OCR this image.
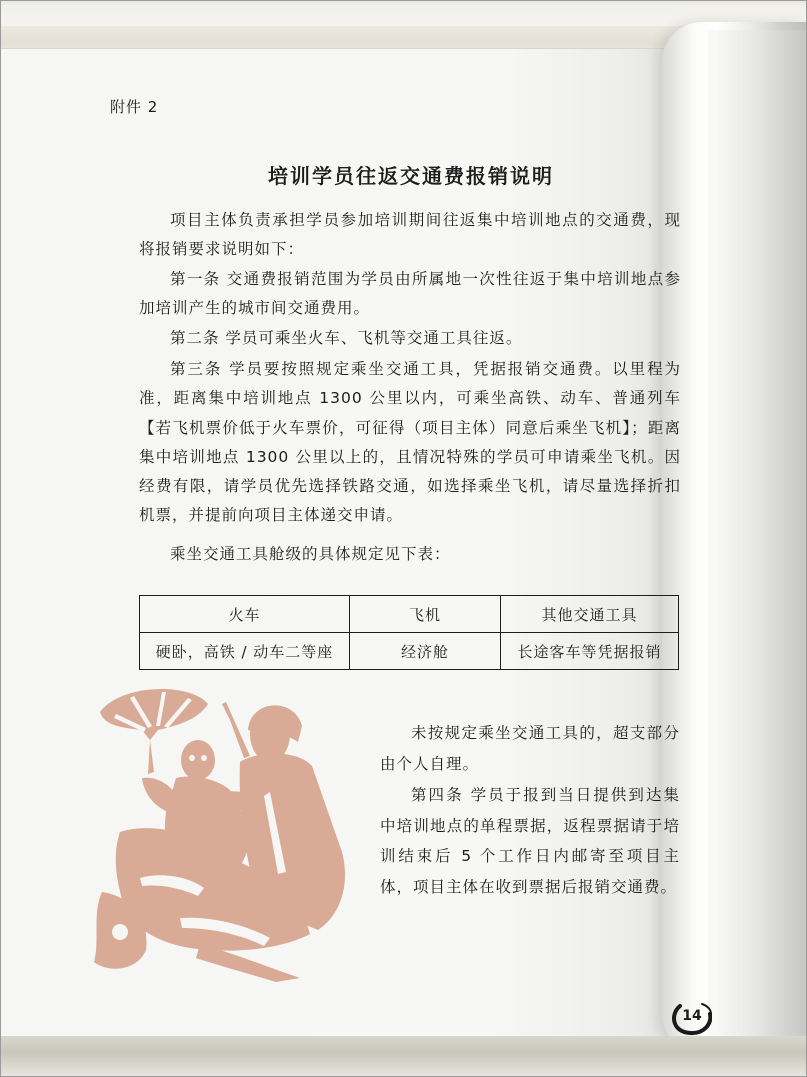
附件 2
培训学员往返交通费报销说明

项目主体负责承担学员参加培训期间往返集中培训地点的交通费，现将报销要求说明如下：

第一条 交通费报销范围为学员由所属地一次性往返于集中培训地点参加培训产生的城市间交通费用。

第二条 学员可乘坐火车、飞机等交通工具往返。

第三条 学员要按照规定乘坐交通工具，凭据报销交通费。以里程为准，距离集中培训地点 1300 公里以内，可乘坐高铁、动车、普通列车【若飞机票价低于火车票价，可征得（项目主体）同意后乘坐飞机】；距离集中培训地点 1300 公里以上的，且情况特殊的学员可申请乘坐飞机。因经费有限，请学员优先选择铁路交通，如选择乘坐飞机，请尽量选择折扣机票，并提前向项目主体递交申请。

乘坐交通工具舱级的具体规定见下表：

火车	飞机	其他交通工具
硬卧，高铁 / 动车二等座	经济舱	长途客车等凭据报销

未按规定乘坐交通工具的，超支部分由个人自理。

第四条 学员于报到当日提供到达集中培训地点的单程票据，返程票据请于培训结束后 5 个工作日内邮寄至项目主体，项目主体在收到票据后报销交通费。

14
